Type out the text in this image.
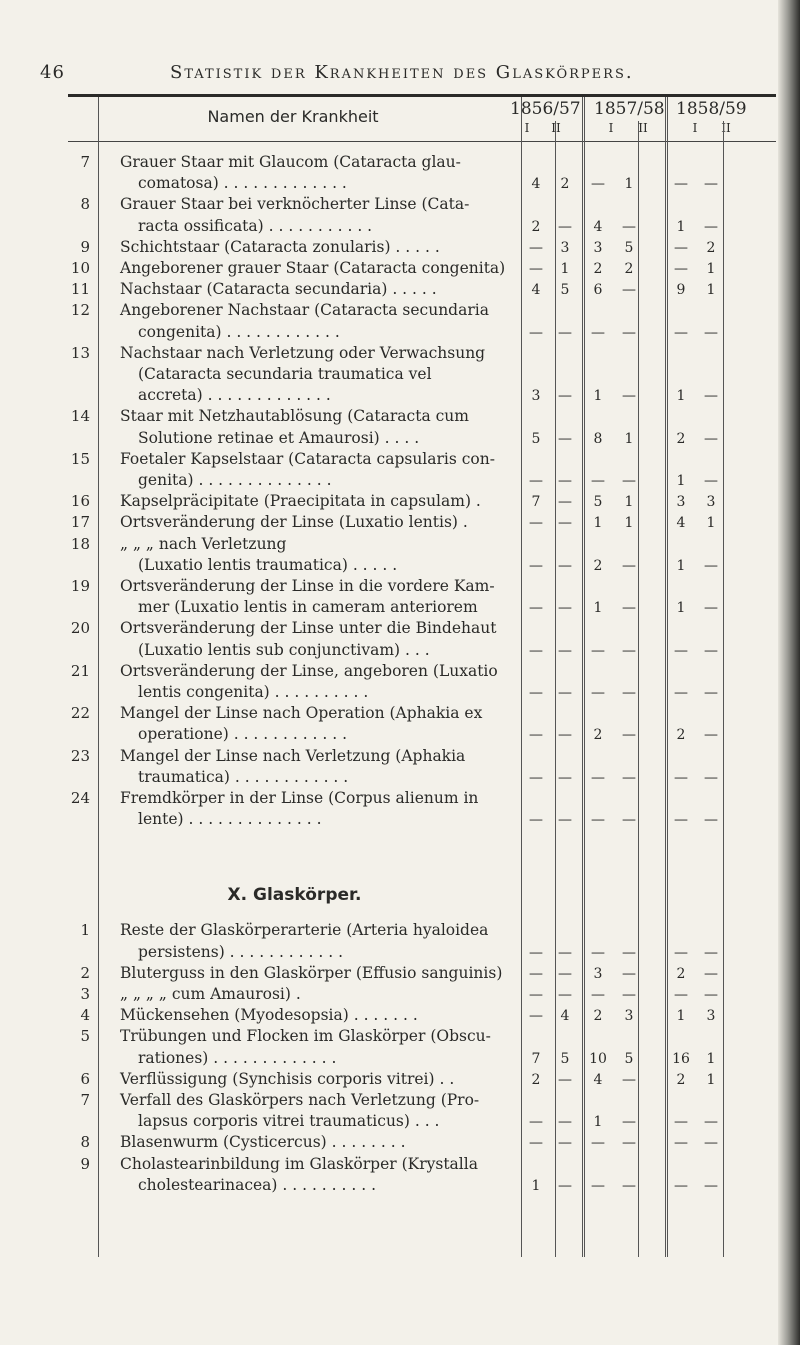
46	Statistik der Krankheiten des Glaskörpers.
Namen der Krankheit	1856/57 1857/58 1858/59
I	II	I	II	I	II
7 Grauer Staar mit Glaucom (Cataracta glau-
comatosa) . . . . . . . . . . . . .	4	2	—	1	—	—
8 Grauer Staar bei verknöcherter Linse (Cata-
racta ossificata) . . . . . . . . . . .	2	—	4	—	1	—
9 Schichtstaar (Cataracta zonularis) . . . . .	—	3	3	5	—	2
10 Angeborener grauer Staar (Cataracta congenita)	—	1	2	2	—	1
11 Nachstaar (Cataracta secundaria) . . . . .	4	5	6	—	9	1
12 Angeborener Nachstaar (Cataracta secundaria
congenita) . . . . . . . . . . . .	—	—	—	—	—	—
13 Nachstaar nach Verletzung oder Verwachsung
(Cataracta secundaria traumatica vel
accreta) . . . . . . . . . . . . .	3	—	1	—	1	—
14 Staar mit Netzhautablösung (Cataracta cum
Solutione retinae et Amaurosi) . . . .	5	—	8	1	2	—
15 Foetaler Kapselstaar (Cataracta capsularis con-
genita) . . . . . . . . . . . . . .	—	—	—	—	1	—
16 Kapselpräcipitate (Praecipitata in capsulam) .	7	—	5	1	3	3
17 Ortsveränderung der Linse (Luxatio lentis) .	—	—	1	1	4	1
18 „ „ „ nach Verletzung
(Luxatio lentis traumatica) . . . . .	—	—	2	—	1	—
19 Ortsveränderung der Linse in die vordere Kam-
mer (Luxatio lentis in cameram anteriorem	—	—	1	—	1	—
20 Ortsveränderung der Linse unter die Bindehaut
(Luxatio lentis sub conjunctivam) . . .	—	—	—	—	—	—
21 Ortsveränderung der Linse, angeboren (Luxatio
lentis congenita) . . . . . . . . . .	—	—	—	—	—	—
22 Mangel der Linse nach Operation (Aphakia ex
operatione) . . . . . . . . . . . .	—	—	2	—	2	—
23 Mangel der Linse nach Verletzung (Aphakia
traumatica) . . . . . . . . . . . .	—	—	—	—	—	—
24 Fremdkörper in der Linse (Corpus alienum in
lente) . . . . . . . . . . . . . .	—	—	—	—	—	—
X. Glaskörper.
1 Reste der Glaskörperarterie (Arteria hyaloidea
persistens) . . . . . . . . . . . .	—	—	—	—	—	—
2 Bluterguss in den Glaskörper (Effusio sanguinis)	—	—	3	—	2	—
3 „ „ „ „ cum Amaurosi) .	—	—	—	—	—	—
4 Mückensehen (Myodesopsia) . . . . . . .	—	4	2	3	1	3
5 Trübungen und Flocken im Glaskörper (Obscu-
rationes) . . . . . . . . . . . . .	7	5	10	5	16	1
6 Verflüssigung (Synchisis corporis vitrei) . .	2	—	4	—	2	1
7 Verfall des Glaskörpers nach Verletzung (Pro-
lapsus corporis vitrei traumaticus) . . .	—	—	1	—	—	—
8 Blasenwurm (Cysticercus) . . . . . . . .	—	—	—	—	—	—
9 Cholastearinbildung im Glaskörper (Krystalla
cholestearinacea) . . . . . . . . . .	1	—	—	—	—	—
